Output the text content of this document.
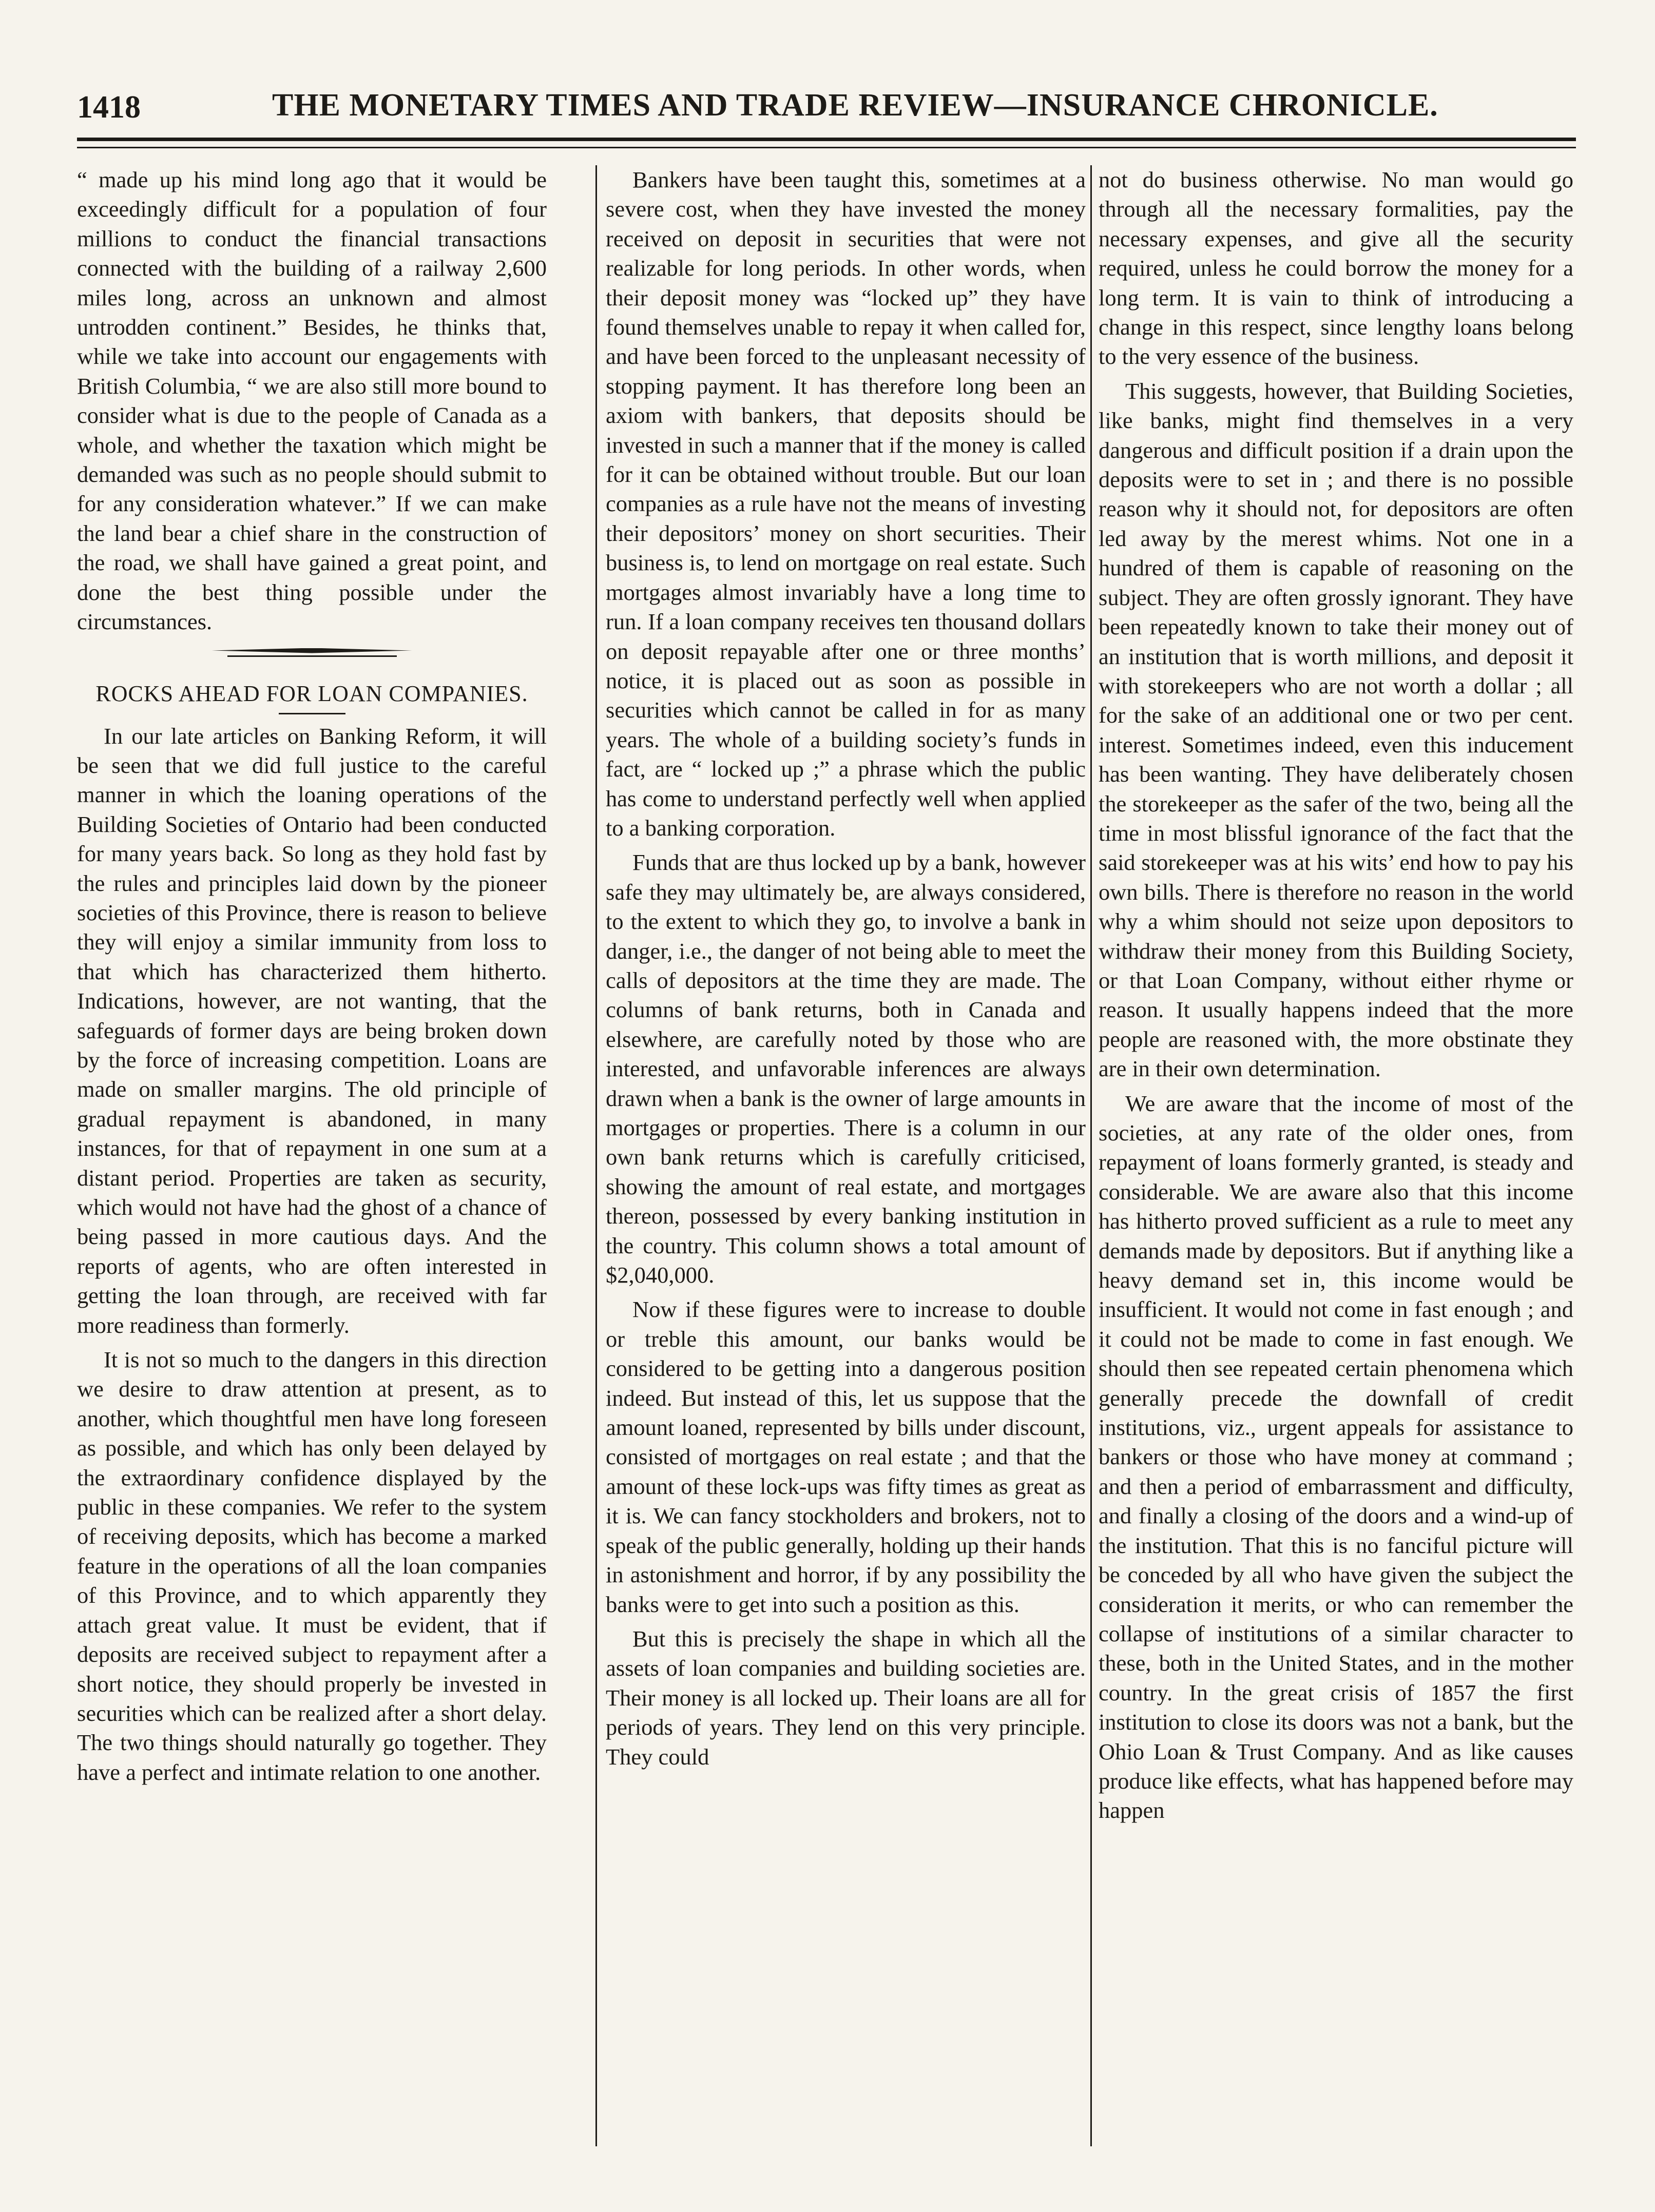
1418	THE MONETARY TIMES AND TRADE REVIEW—INSURANCE CHRONICLE.

“ made up his mind long ago that it would be exceedingly difficult for a population of four millions to conduct the financial transactions connected with the building of a railway 2,600 miles long, across an unknown and almost untrodden continent.” Besides, he thinks that, while we take into account our engagements with British Columbia, “ we are also still more bound to consider what is due to the people of Canada as a whole, and whether the taxation which might be demanded was such as no people should submit to for any consideration whatever.” If we can make the land bear a chief share in the construction of the road, we shall have gained a great point, and done the best thing possible under the circumstances.

ROCKS AHEAD FOR LOAN COMPANIES.

In our late articles on Banking Reform, it will be seen that we did full justice to the careful manner in which the loaning operations of the Building Societies of Ontario had been conducted for many years back. So long as they hold fast by the rules and principles laid down by the pioneer societies of this Province, there is reason to believe they will enjoy a similar immunity from loss to that which has characterized them hitherto. Indications, however, are not wanting, that the safeguards of former days are being broken down by the force of increasing competition. Loans are made on smaller margins. The old principle of gradual repayment is abandoned, in many instances, for that of repayment in one sum at a distant period. Properties are taken as security, which would not have had the ghost of a chance of being passed in more cautious days. And the reports of agents, who are often interested in getting the loan through, are received with far more readiness than formerly.

It is not so much to the dangers in this direction we desire to draw attention at present, as to another, which thoughtful men have long foreseen as possible, and which has only been delayed by the extraordinary confidence displayed by the public in these companies. We refer to the system of receiving deposits, which has become a marked feature in the operations of all the loan companies of this Province, and to which apparently they attach great value. It must be evident, that if deposits are received subject to repayment after a short notice, they should properly be invested in securities which can be realized after a short delay. The two things should naturally go together. They have a perfect and intimate relation to one another.

Bankers have been taught this, sometimes at a severe cost, when they have invested the money received on deposit in securities that were not realizable for long periods. In other words, when their deposit money was “locked up” they have found themselves unable to repay it when called for, and have been forced to the unpleasant necessity of stopping payment. It has therefore long been an axiom with bankers, that deposits should be invested in such a manner that if the money is called for it can be obtained without trouble. But our loan companies as a rule have not the means of investing their depositors’ money on short securities. Their business is, to lend on mortgage on real estate. Such mortgages almost invariably have a long time to run. If a loan company receives ten thousand dollars on deposit repayable after one or three months’ notice, it is placed out as soon as possible in securities which cannot be called in for as many years. The whole of a building society’s funds in fact, are “ locked up ;” a phrase which the public has come to understand perfectly well when applied to a banking corporation.

Funds that are thus locked up by a bank, however safe they may ultimately be, are always considered, to the extent to which they go, to involve a bank in danger, i.e., the danger of not being able to meet the calls of depositors at the time they are made. The columns of bank returns, both in Canada and elsewhere, are carefully noted by those who are interested, and unfavorable inferences are always drawn when a bank is the owner of large amounts in mortgages or properties. There is a column in our own bank returns which is carefully criticised, showing the amount of real estate, and mortgages thereon, possessed by every banking institution in the country. This column shows a total amount of $2,040,000.

Now if these figures were to increase to double or treble this amount, our banks would be considered to be getting into a dangerous position indeed. But instead of this, let us suppose that the amount loaned, represented by bills under discount, consisted of mortgages on real estate ; and that the amount of these lock-ups was fifty times as great as it is. We can fancy stockholders and brokers, not to speak of the public generally, holding up their hands in astonishment and horror, if by any possibility the banks were to get into such a position as this.

But this is precisely the shape in which all the assets of loan companies and building societies are. Their money is all locked up. Their loans are all for periods of years. They lend on this very principle. They could

not do business otherwise. No man would go through all the necessary formalities, pay the necessary expenses, and give all the security required, unless he could borrow the money for a long term. It is vain to think of introducing a change in this respect, since lengthy loans belong to the very essence of the business.

This suggests, however, that Building Societies, like banks, might find themselves in a very dangerous and difficult position if a drain upon the deposits were to set in ; and there is no possible reason why it should not, for depositors are often led away by the merest whims. Not one in a hundred of them is capable of reasoning on the subject. They are often grossly ignorant. They have been repeatedly known to take their money out of an institution that is worth millions, and deposit it with storekeepers who are not worth a dollar ; all for the sake of an additional one or two per cent. interest. Sometimes indeed, even this inducement has been wanting. They have deliberately chosen the storekeeper as the safer of the two, being all the time in most blissful ignorance of the fact that the said storekeeper was at his wits’ end how to pay his own bills. There is therefore no reason in the world why a whim should not seize upon depositors to withdraw their money from this Building Society, or that Loan Company, without either rhyme or reason. It usually happens indeed that the more people are reasoned with, the more obstinate they are in their own determination.

We are aware that the income of most of the societies, at any rate of the older ones, from repayment of loans formerly granted, is steady and considerable. We are aware also that this income has hitherto proved sufficient as a rule to meet any demands made by depositors. But if anything like a heavy demand set in, this income would be insufficient. It would not come in fast enough ; and it could not be made to come in fast enough. We should then see repeated certain phenomena which generally precede the downfall of credit institutions, viz., urgent appeals for assistance to bankers or those who have money at command ; and then a period of embarrassment and difficulty, and finally a closing of the doors and a wind-up of the institution. That this is no fanciful picture will be conceded by all who have given the subject the consideration it merits, or who can remember the collapse of institutions of a similar character to these, both in the United States, and in the mother country. In the great crisis of 1857 the first institution to close its doors was not a bank, but the Ohio Loan & Trust Company. And as like causes produce like effects, what has happened before may happen
